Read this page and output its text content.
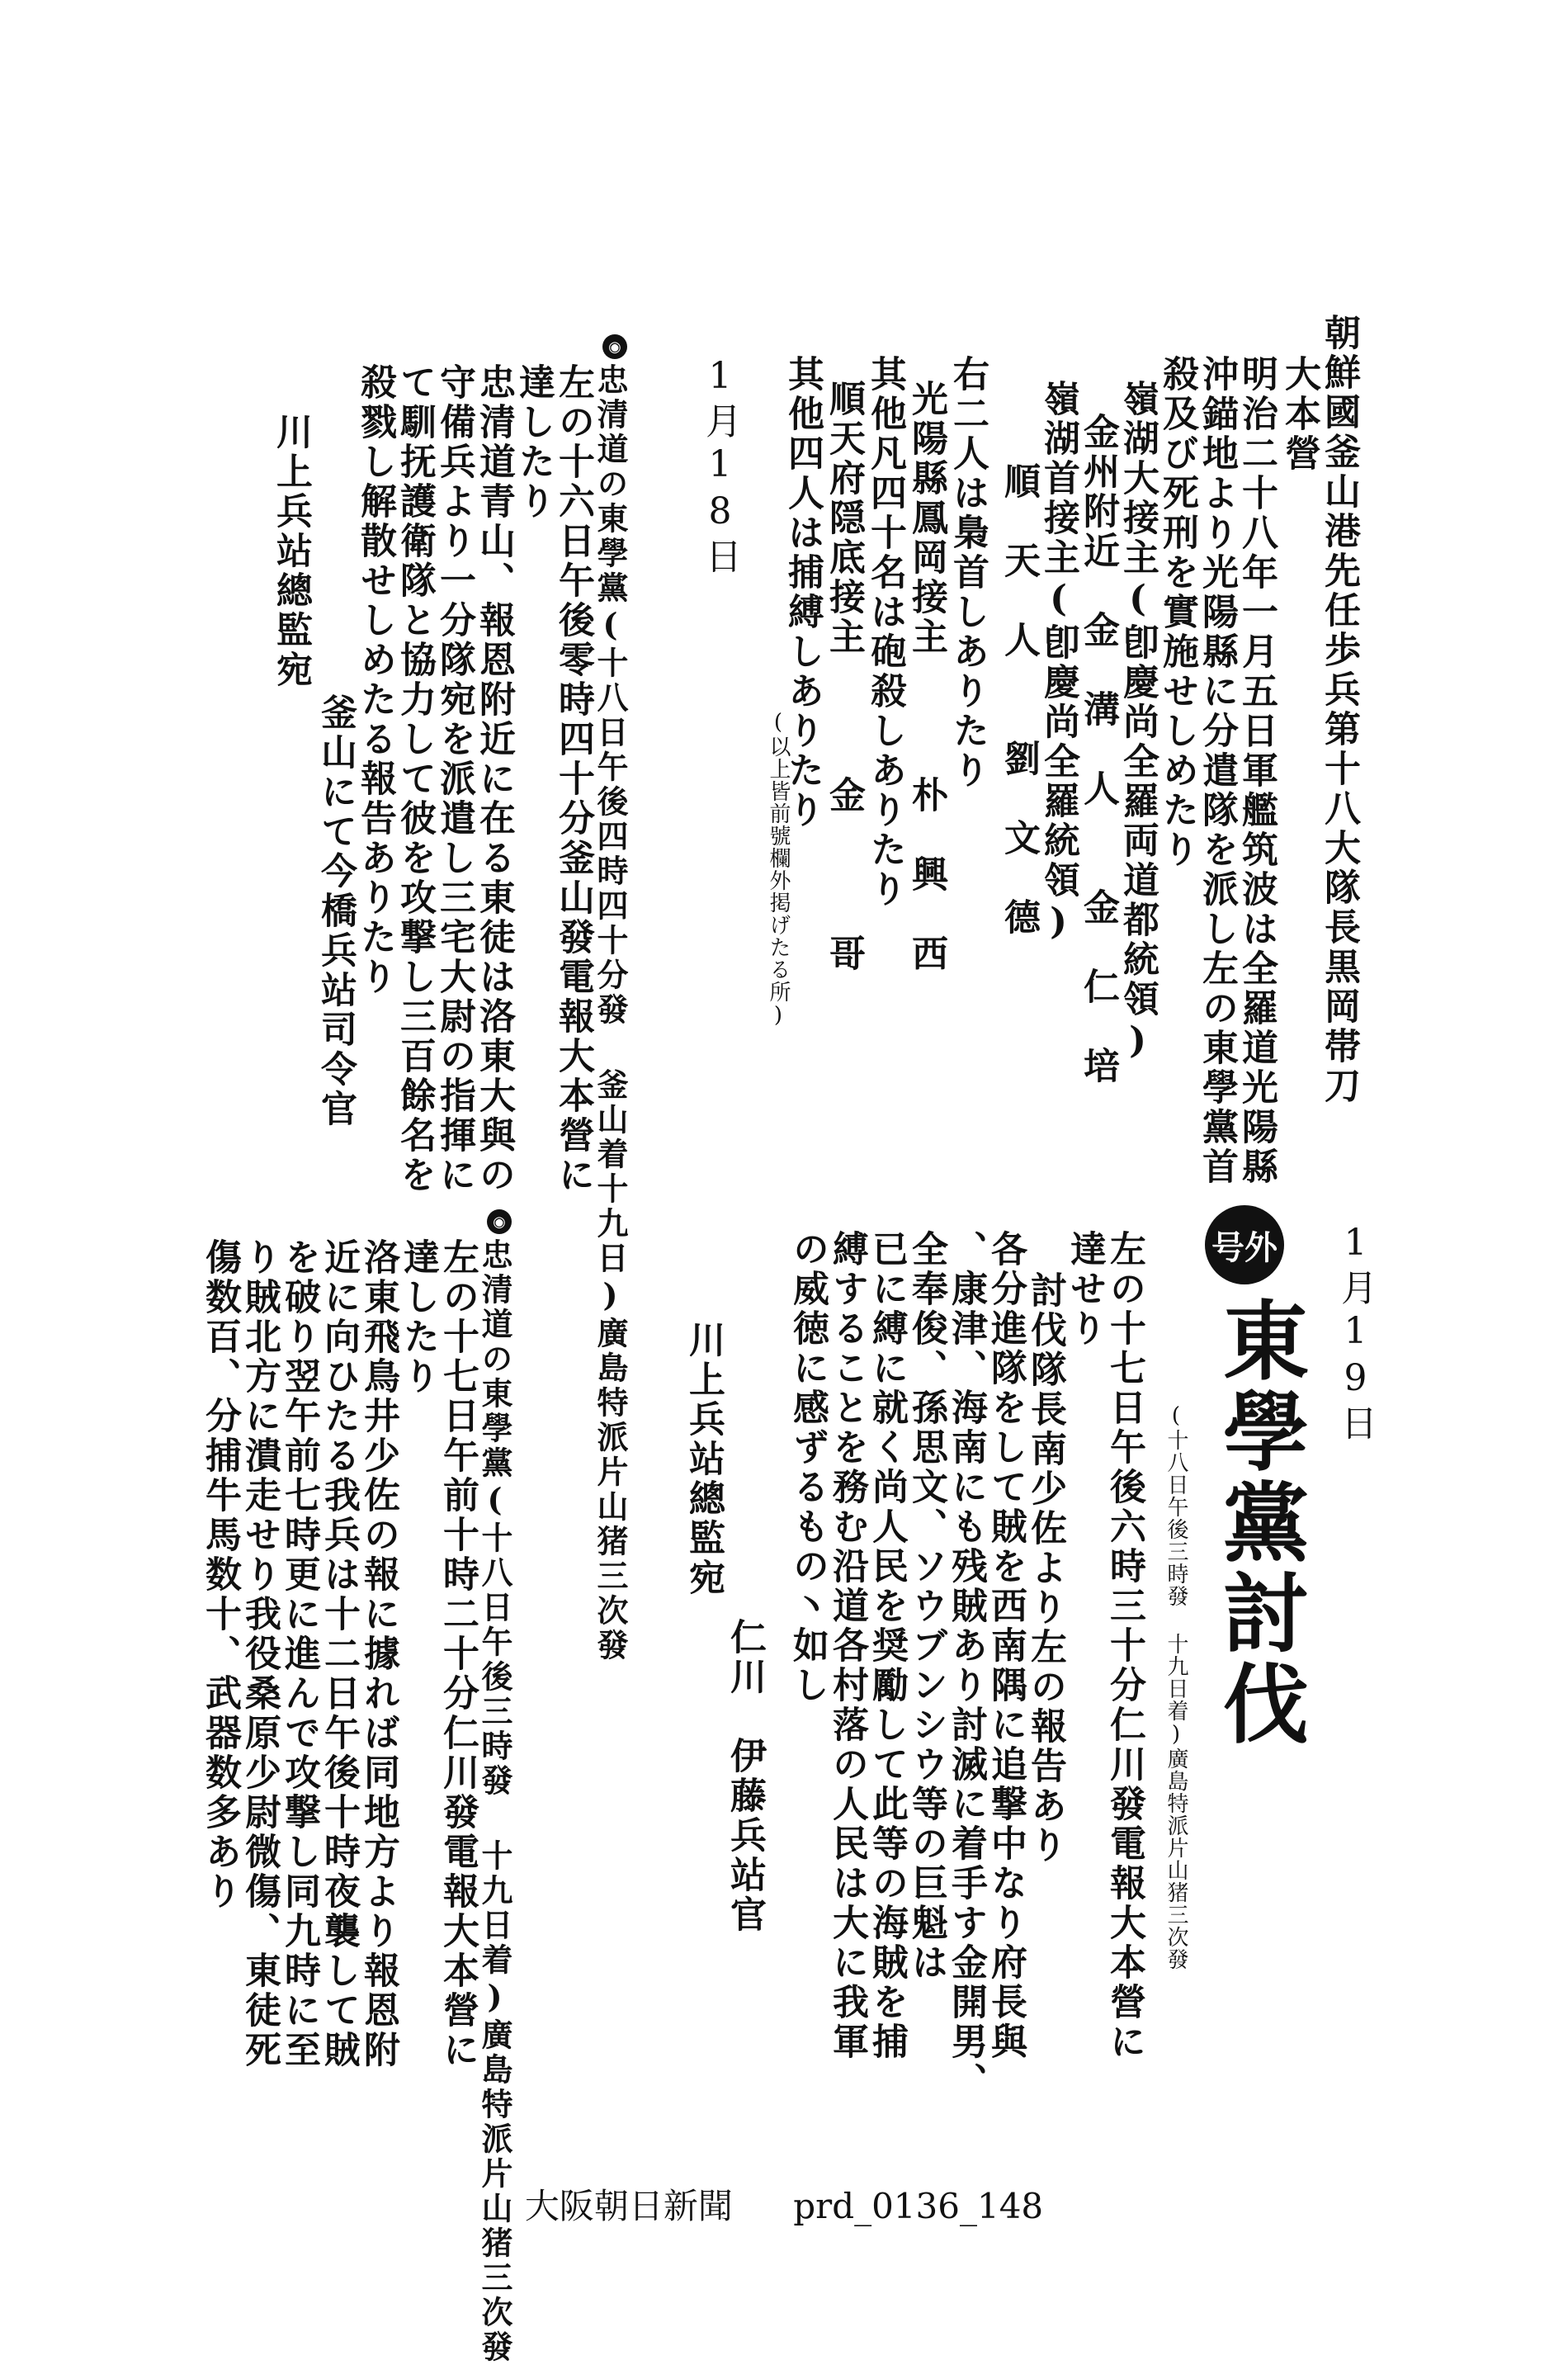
朝鮮國釜山港先任歩兵第十八大隊長黒岡帯刀
大本營
明治二十八年一月五日軍艦筑波は全羅道光陽縣
沖錨地より光陽縣に分遣隊を派し左の東學黨首
殺及び死刑を實施せしめたり
嶺湖大接主(卽慶尚全羅両道都統領)
金州附近　金　溝　人　　金　仁　培
嶺湖首接主(卽慶尚全羅統領)
順　天　人　　劉　文　德
右二人は梟首しありたり
光陽縣鳳岡接主　　　朴　興　西
其他凡四十名は砲殺しありたり
順天府隠底接主　　　金　　　哥
其他四人は捕縛しありたり
(以上皆前號欄外掲げたる所)
1月18日
◉
忠清道の東學黨(十八日午後四時四十分發 釜山着十九日)廣島特派片山猪三次發
左の十六日午後零時四十分釜山發電報大本營に
達したり
忠清道青山、報恩附近に在る東徒は洛東大與の
守備兵より一分隊宛を派遣し三宅大尉の指揮に
て馴抚護衛隊と協力して彼を攻撃し三百餘名を
殺戮し解散せしめたる報告ありたり
釜山にて今橋兵站司令官
川上兵站總監宛
1月19日
号外
東學黨討伐
(十八日午後三時發 十九日着)廣島特派片山猪三次發
左の十七日午後六時三十分仁川發電報大本營に
達せり
討伐隊長南少佐より左の報告あり
各分進隊をして賊を西南隅に追撃中なり府長與
、康津、海南にも残賊あり討滅に着手す金開男、
全奉俊、孫思文、ソウブンシウ等の巨魁は
已に縛に就く尚人民を奨勵して此等の海賊を捕
縛することを務む沿道各村落の人民は大に我軍
の威徳に感ずるもの丶如し
仁川　伊藤兵站官
川上兵站總監宛
◉
忠清道の東學黨(十八日午後三時發 十九日着)廣島特派片山猪三次發
左の十七日午前十時二十分仁川發電報大本營に
達したり
洛東飛鳥井少佐の報に據れば同地方より報恩附
近に向ひたる我兵は十二日午後十時夜襲して賊
を破り翌午前七時更に進んで攻撃し同九時に至
り賊北方に潰走せり我役桑原少尉微傷、東徒死
傷数百、分捕牛馬数十、武器数多あり
大阪朝日新聞 prd_0136_148
